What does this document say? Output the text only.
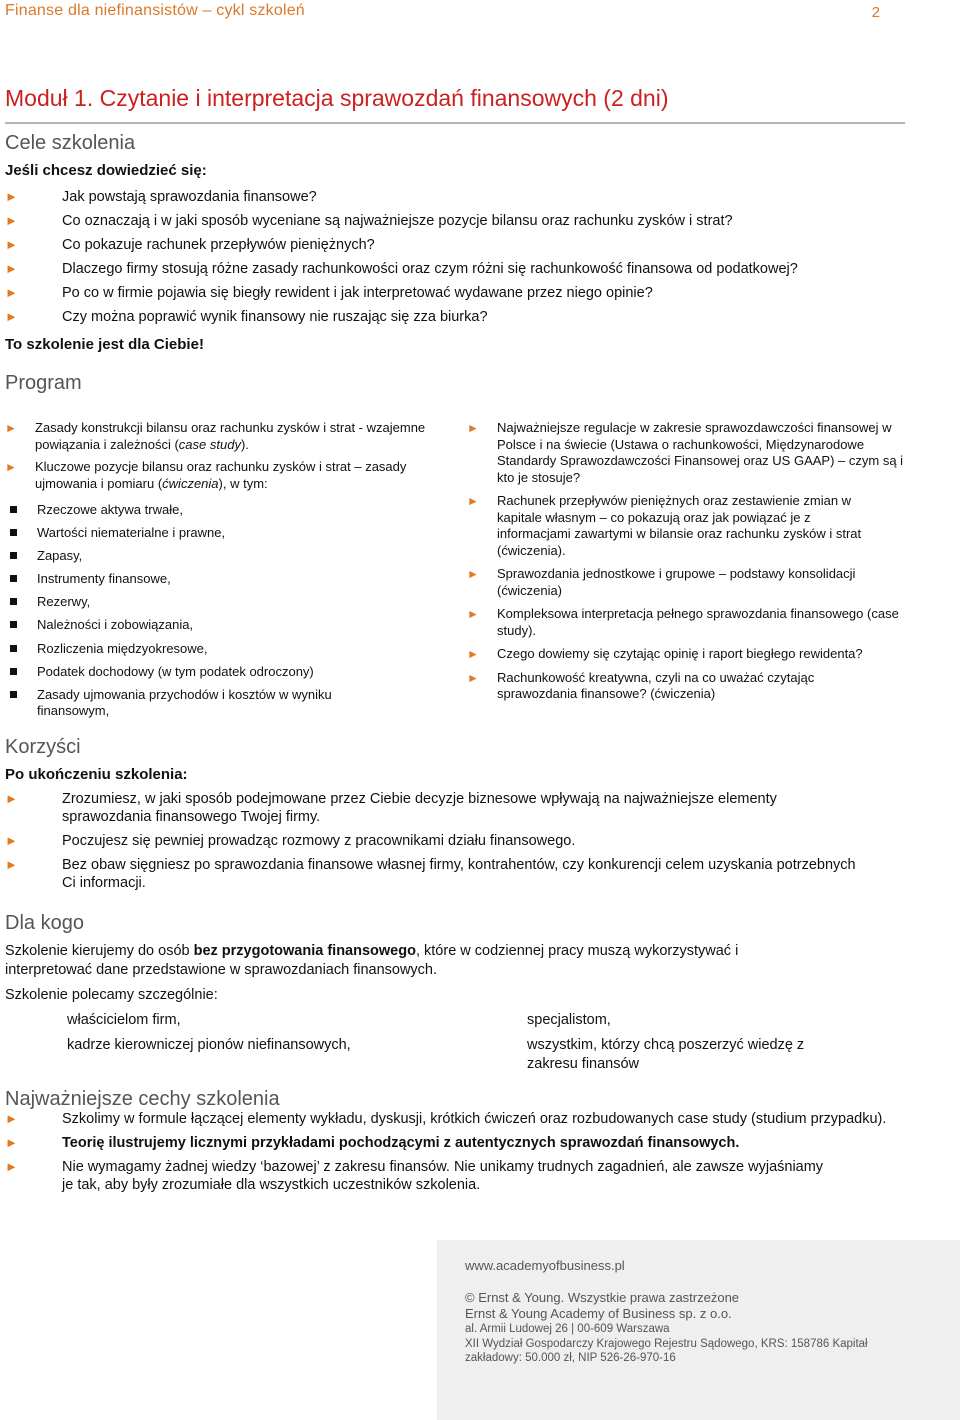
Finanse dla niefinansistów – cykl szkoleń	2
Moduł 1. Czytanie i interpretacja sprawozdań finansowych (2 dni)
Cele szkolenia
Jeśli chcesz dowiedzieć się:
►	Jak powstają sprawozdania finansowe?
►	Co oznaczają i w jaki sposób wyceniane są najważniejsze pozycje bilansu oraz rachunku zysków i strat?
►	Co pokazuje rachunek przepływów pieniężnych?
►	Dlaczego firmy stosują różne zasady rachunkowości oraz czym różni się rachunkowość finansowa od podatkowej?
►	Po co w firmie pojawia się biegły rewident i jak interpretować wydawane przez niego opinie?
►	Czy można poprawić wynik finansowy nie ruszając się zza biurka?
To szkolenie jest dla Ciebie!
Program
► Zasady konstrukcji bilansu oraz rachunku zysków i strat - wzajemne powiązania i zależności (case study).
► Kluczowe pozycje bilansu oraz rachunku zysków i strat – zasady ujmowania i pomiaru (ćwiczenia), w tym:
Rzeczowe aktywa trwałe,
Wartości niematerialne i prawne,
Zapasy,
Instrumenty finansowe,
Rezerwy,
Należności i zobowiązania,
Rozliczenia międzyokresowe,
Podatek dochodowy (w tym podatek odroczony)
Zasady ujmowania przychodów i kosztów w wyniku finansowym,
► Najważniejsze regulacje w zakresie sprawozdawczości finansowej w Polsce i na świecie (Ustawa o rachunkowości, Międzynarodowe Standardy Sprawozdawczości Finansowej oraz US GAAP) – czym są i kto je stosuje?
► Rachunek przepływów pieniężnych oraz zestawienie zmian w kapitale własnym – co pokazują oraz jak powiązać je z informacjami zawartymi w bilansie oraz rachunku zysków i strat (ćwiczenia).
► Sprawozdania jednostkowe i grupowe – podstawy konsolidacji (ćwiczenia)
► Kompleksowa interpretacja pełnego sprawozdania finansowego (case study).
► Czego dowiemy się czytając opinię i raport biegłego rewidenta?
► Rachunkowość kreatywna, czyli na co uważać czytając sprawozdania finansowe? (ćwiczenia)
Korzyści
Po ukończeniu szkolenia:
►	Zrozumiesz, w jaki sposób podejmowane przez Ciebie decyzje biznesowe wpływają na najważniejsze elementy sprawozdania finansowego Twojej firmy.
►	Poczujesz się pewniej prowadząc rozmowy z pracownikami działu finansowego.
►	Bez obaw sięgniesz po sprawozdania finansowe własnej firmy, kontrahentów, czy konkurencji celem uzyskania potrzebnych Ci informacji.
Dla kogo
Szkolenie kierujemy do osób bez przygotowania finansowego, które w codziennej pracy muszą wykorzystywać i interpretować dane przedstawione w sprawozdaniach finansowych.
Szkolenie polecamy szczególnie:
właścicielom firm,
kadrze kierowniczej pionów niefinansowych,
specjalistom,
wszystkim, którzy chcą poszerzyć wiedzę z zakresu finansów
Najważniejsze cechy szkolenia
►	Szkolimy w formule łączącej elementy wykładu, dyskusji, krótkich ćwiczeń oraz rozbudowanych case study (studium przypadku).
►	Teorię ilustrujemy licznymi przykładami pochodzącymi z autentycznych sprawozdań finansowych.
►	Nie wymagamy żadnej wiedzy ‘bazowej’ z zakresu finansów. Nie unikamy trudnych zagadnień, ale zawsze wyjaśniamy je tak, aby były zrozumiałe dla wszystkich uczestników szkolenia.
www.academyofbusiness.pl
© Ernst & Young. Wszystkie prawa zastrzeżone
Ernst & Young Academy of Business sp. z o.o.
al. Armii Ludowej 26 | 00-609 Warszawa
XII Wydział Gospodarczy Krajowego Rejestru Sądowego, KRS: 158786 Kapitał
zakładowy: 50.000 zł, NIP 526-26-970-16
